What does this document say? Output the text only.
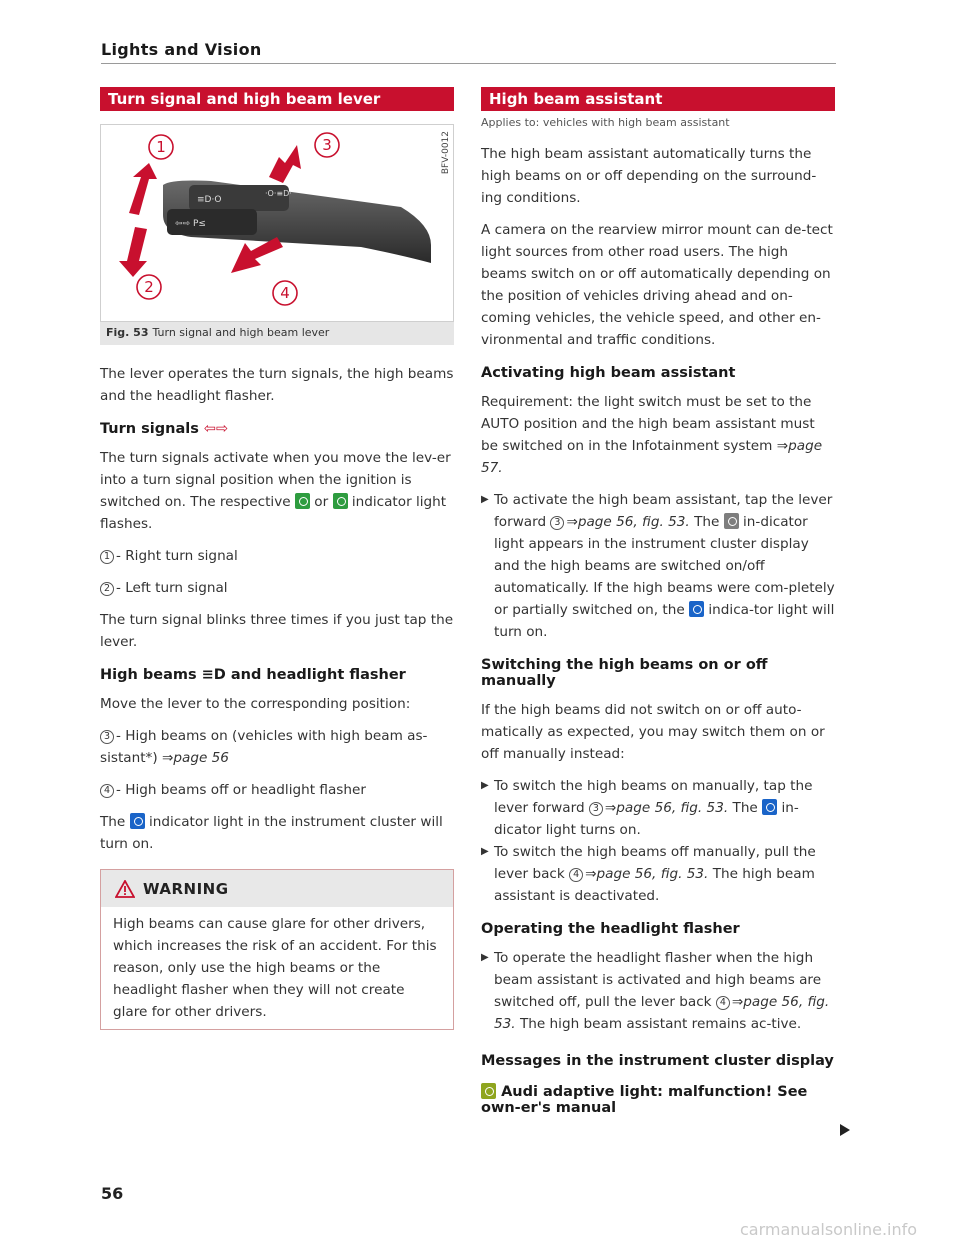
Lights and Vision
Turn signal and high beam lever
≡D·O
·O·≡D·
⇦⇨ P≤
1
2
3
4
BFV-0012
Fig. 53 Turn signal and high beam lever

The lever operates the turn signals, the high beams and the headlight flasher.

Turn signals ⇦⇨

The turn signals activate when you move the lev-er into a turn signal position when the ignition is switched on. The respective or indicator light flashes.

1 - Right turn signal

2 - Left turn signal

The turn signal blinks three times if you just tap the lever.

High beams ≡D and headlight flasher

Move the lever to the corresponding position:

3 - High beams on (vehicles with high beam as-sistant*) ⇒page 56

4 - High beams off or headlight flasher

The indicator light in the instrument cluster will turn on.

WARNING
High beams can cause glare for other drivers, which increases the risk of an accident. For this reason, only use the high beams or the headlight flasher when they will not create glare for other drivers.
High beam assistant
Applies to: vehicles with high beam assistant

The high beam assistant automatically turns the high beams on or off depending on the surround-ing conditions.

A camera on the rearview mirror mount can de-tect light sources from other road users. The high beams switch on or off automatically depending on the position of vehicles driving ahead and on-coming vehicles, the vehicle speed, and other en-vironmental and traffic conditions.

Activating high beam assistant

Requirement: the light switch must be set to the AUTO position and the high beam assistant must be switched on in the Infotainment system ⇒page 57.

▶ To activate the high beam assistant, tap the lever forward 3 ⇒page 56, fig. 53. The in-dicator light appears in the instrument cluster display and the high beams are switched on/off automatically. If the high beams were com-pletely or partially switched on, the indica-tor light will turn on.
Switching the high beams on or off manually

If the high beams did not switch on or off auto-matically as expected, you may switch them on or off manually instead:

▶ To switch the high beams on manually, tap the lever forward 3 ⇒page 56, fig. 53. The in-dicator light turns on.
▶ To switch the high beams off manually, pull the lever back 4 ⇒page 56, fig. 53. The high beam assistant is deactivated.
Operating the headlight flasher
▶ To operate the headlight flasher when the high beam assistant is activated and high beams are switched off, pull the lever back 4 ⇒page 56, fig. 53. The high beam assistant remains ac-tive.
Messages in the instrument cluster display
Audi adaptive light: malfunction! See own-er's manual
56
carmanualsonline.info
